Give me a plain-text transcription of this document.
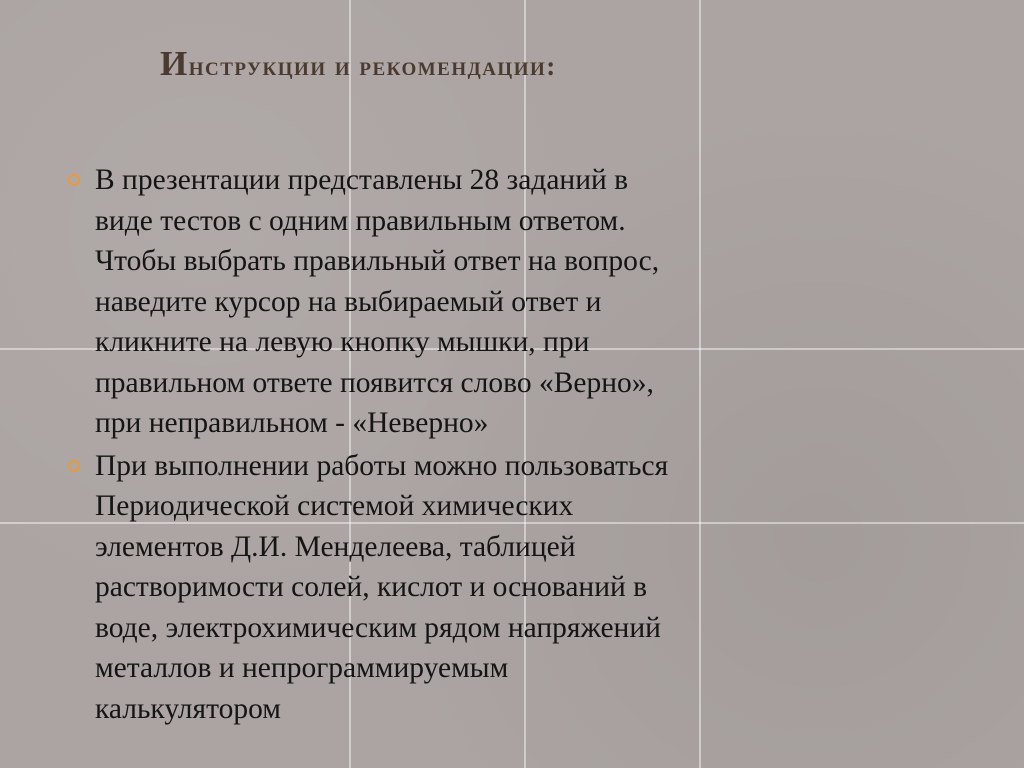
Инструкции и рекомендации:

В презентации представлены 28 заданий в
виде тестов с одним правильным ответом.
Чтобы выбрать правильный ответ на вопрос,
наведите курсор на выбираемый ответ и
кликните на левую кнопку мышки, при
правильном ответе появится слово «Верно»,
при неправильном - «Неверно»

При выполнении работы можно пользоваться
Периодической системой химических
элементов Д.И. Менделеева, таблицей
растворимости солей, кислот и оснований в
воде, электрохимическим рядом напряжений
металлов и непрограммируемым
калькулятором
